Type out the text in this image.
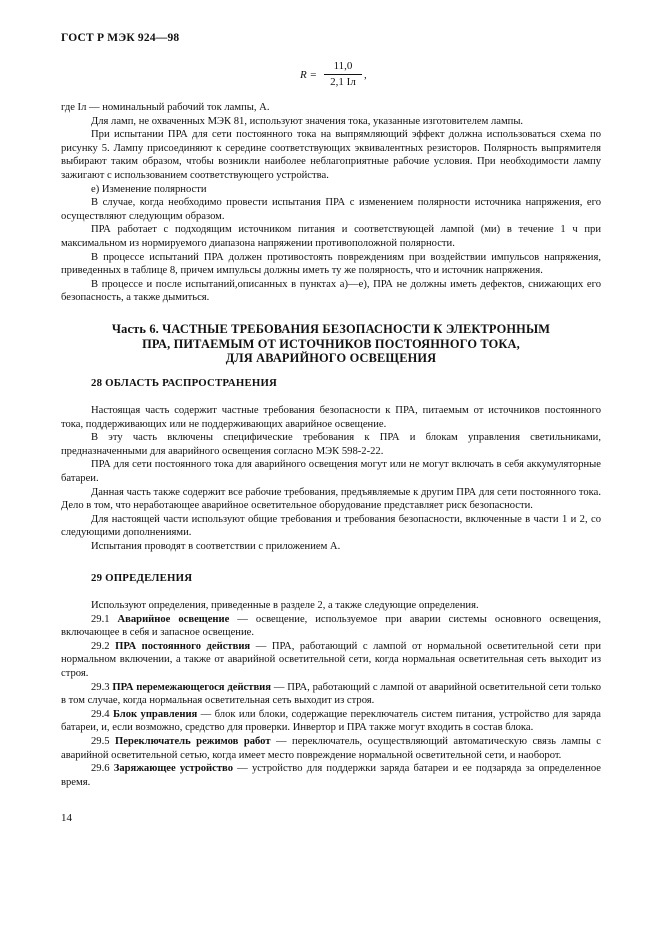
ГОСТ Р МЭК 924—98
R =
11,0
2,1 Iл
,

где Iл — номинальный рабочий ток лампы, А.

Для ламп, не охваченных МЭК 81, используют значения тока, указанные изготовителем лампы.

При испытании ПРА для сети постоянного тока на выпрямляющий эффект должна использоваться схема по рисунку 5. Лампу присоединяют к середине соответствующих эквивалентных резисторов. Полярность выпрямителя выбирают таким образом, чтобы возникли наиболее неблагоприятные рабочие условия. При необходимости лампу зажигают с использованием соответствующего устройства.

е) Изменение полярности

В случае, когда необходимо провести испытания ПРА с изменением полярности источника напряжения, его осуществляют следующим образом.

ПРА работает с подходящим источником питания и соответствующей лампой (ми) в течение 1 ч при максимальном из нормируемого диапазона напряжении противоположной полярности.

В процессе испытаний ПРА должен противостоять повреждениям при воздействии импульсов напряжения, приведенных в таблице 8, причем импульсы должны иметь ту же полярность, что и источник напряжения.

В процессе и после испытаний,описанных в пунктах а)—е), ПРА не должны иметь дефектов, снижающих его безопасность, а также дымиться.

Часть 6. ЧАСТНЫЕ ТРЕБОВАНИЯ БЕЗОПАСНОСТИ К ЭЛЕКТРОННЫМ
ПРА, ПИТАЕМЫМ ОТ ИСТОЧНИКОВ ПОСТОЯННОГО ТОКА,
ДЛЯ АВАРИЙНОГО ОСВЕЩЕНИЯ
28 ОБЛАСТЬ РАСПРОСТРАНЕНИЯ

Настоящая часть содержит частные требования безопасности к ПРА, питаемым от источников постоянного тока, поддерживающих или не поддерживающих аварийное освещение.

В эту часть включены специфические требования к ПРА и блокам управления светильниками, предназначенными для аварийного освещения согласно МЭК 598-2-22.

ПРА для сети постоянного тока для аварийного освещения могут или не могут включать в себя аккумуляторные батареи.

Данная часть также содержит все рабочие требования, предъявляемые к другим ПРА для сети постоянного тока. Дело в том, что неработающее аварийное осветительное оборудование представляет риск безопасности.

Для настоящей части используют общие требования и требования безопасности, включенные в части 1 и 2, со следующими дополнениями.

Испытания проводят в соответствии с приложением А.

29 ОПРЕДЕЛЕНИЯ

Используют определения, приведенные в разделе 2, а также следующие определения.

29.1 Аварийное освещение — освещение, используемое при аварии системы основного освещения, включающее в себя и запасное освещение.

29.2 ПРА постоянного действия — ПРА, работающий с лампой от нормальной осветительной сети при нормальном включении, а также от аварийной осветительной сети, когда нормальная осветительная сеть выходит из строя.

29.3 ПРА перемежающегося действия — ПРА, работающий с лампой от аварийной осветительной сети только в том случае, когда нормальная осветительная сеть выходит из строя.

29.4 Блок управления — блок или блоки, содержащие переключатель систем питания, устройство для заряда батареи, и, если возможно, средство для проверки. Инвертор и ПРА также могут входить в состав блока.

29.5 Переключатель режимов работ — переключатель, осуществляющий автоматическую связь лампы с аварийной осветительной сетью, когда имеет место повреждение нормальной осветительной сети, и наоборот.

29.6 Заряжающее устройство — устройство для поддержки заряда батареи и ее подзаряда за определенное время.

14
